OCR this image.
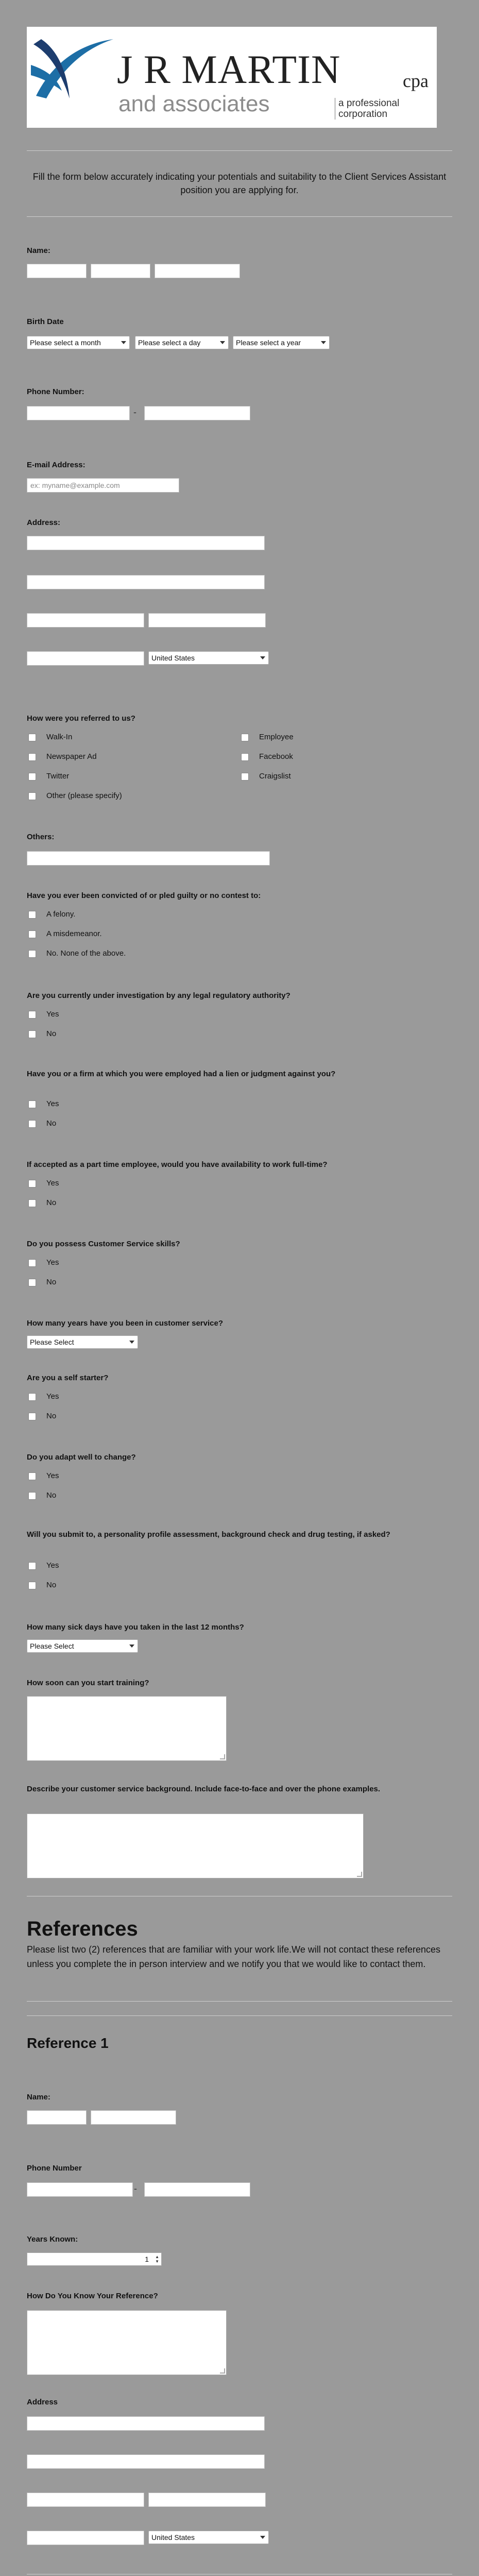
J R MARTIN	cpa
and associates	a professional
corporation
Fill the form below accurately indicating your potentials and suitability to the Client Services Assistant position you are applying for.
Name:
Birth Date
Please select a month	Please select a day	Please select a year
Phone Number:
-
E-mail Address:
ex: myname@example.com
Address:
United States
How were you referred to us?
Walk-In	Employee
Newspaper Ad	Facebook
Twitter	Craigslist
Other (please specify)
Others:
Have you ever been convicted of or pled guilty or no contest to:
A felony.
A misdemeanor.
No. None of the above.
Are you currently under investigation by any legal regulatory authority?
Yes
No
Have you or a firm at which you were employed had a lien or judgment against you?
Yes
No
If accepted as a part time employee, would you have availability to work full-time?
Yes
No
Do you possess Customer Service skills?
Yes
No
How many years have you been in customer service?
Please Select
Are you a self starter?
Yes
No
Do you adapt well to change?
Yes
No
Will you submit to, a personality profile assessment, background check and drug testing, if asked?
Yes
No
How many sick days have you taken in the last 12 months?
Please Select
How soon can you start training?
Describe your customer service background. Include face-to-face and over the phone examples.
References
Please list two (2) references that are familiar with your work life.We will not contact these references unless you complete the in person interview and we notify you that we would like to contact them.
Reference 1
Name:
Phone Number
-
Years Known:
1 ▲
▼
How Do You Know Your Reference?
Address
United States
